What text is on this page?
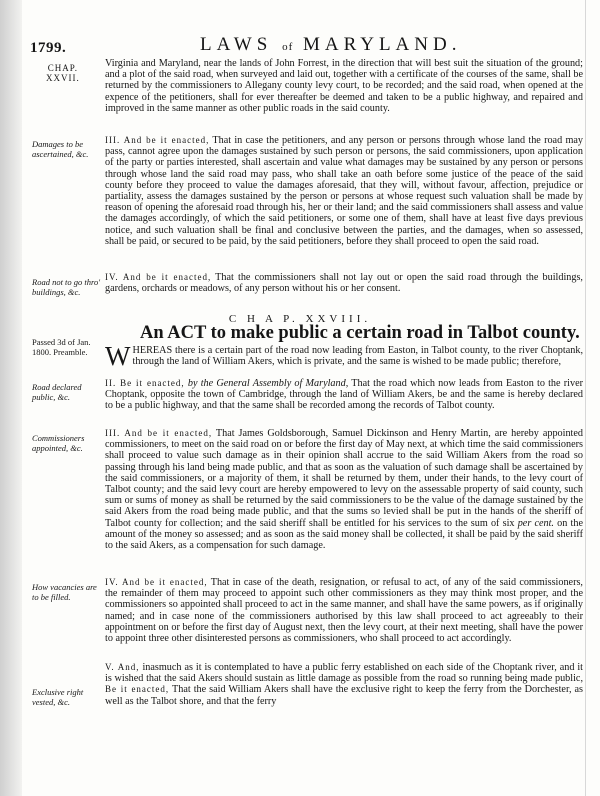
1799.	LAWS of MARYLAND.
CHAP.
XXVII.
Virginia and Maryland, near the lands of John Forrest, in the direction that will best suit the situation of the ground; and a plot of the said road, when surveyed and laid out, together with a certificate of the courses of the same, shall be returned by the commissioners to Allegany county levy court, to be recorded; and the said road, when opened at the expence of the petitioners, shall for ever thereafter be deemed and taken to be a public highway, and repaired and improved in the same manner as other public roads in the said county.
Damages to be ascertained, &c.
III. And be it enacted, That in case the petitioners, and any person or persons through whose land the road may pass, cannot agree upon the damages sustained by such person or persons, the said commissioners, upon application of the party or parties interested, shall ascertain and value what damages may be sustained by any person or persons through whose land the said road may pass, who shall take an oath before some justice of the peace of the said county before they proceed to value the damages aforesaid, that they will, without favour, affection, prejudice or partiality, assess the damages sustained by the person or persons at whose request such valuation shall be made by reason of opening the aforesaid road through his, her or their land; and the said commissioners shall assess and value the damages accordingly, of which the said petitioners, or some one of them, shall have at least five days previous notice, and such valuation shall be final and conclusive between the parties, and the damages, when so assessed, shall be paid, or secured to be paid, by the said petitioners, before they shall proceed to open the said road.
Road not to go thro' buildings, &c.
IV. And be it enacted, That the commissioners shall not lay out or open the said road through the buildings, gardens, orchards or meadows, of any person without his or her consent.
C H A P. XXVIII.
An ACT to make public a certain road in Talbot county.
Passed 3d of Jan. 1800. Preamble. W HEREAS there is a certain part of the road now leading from Easton, in Talbot county, to the river Choptank, through the land of William Akers, which is private, and the same is wished to be made public; therefore,
Road declared public, &c.
II. Be it enacted, by the General Assembly of Maryland, That the road which now leads from Easton to the river Choptank, opposite the town of Cambridge, through the land of William Akers, be and the same is hereby declared to be a public highway, and that the same shall be recorded among the records of Talbot county.
Commissioners appointed, &c.
III. And be it enacted, That James Goldsborough, Samuel Dickinson and Henry Martin, are hereby appointed commissioners, to meet on the said road on or before the first day of May next, at which time the said commissioners shall proceed to value such damage as in their opinion shall accrue to the said William Akers from the road so passing through his land being made public, and that as soon as the valuation of such damage shall be ascertained by the said commissioners, or a majority of them, it shall be returned by them, under their hands, to the levy court of Talbot county; and the said levy court are hereby empowered to levy on the assessable property of said county, such sum or sums of money as shall be returned by the said commissioners to be the value of the damage sustained by the said Akers from the road being made public, and that the sums so levied shall be put in the hands of the sheriff of Talbot county for collection; and the said sheriff shall be entitled for his services to the sum of six per cent. on the amount of the money so assessed; and as soon as the said money shall be collected, it shall be paid by the said sheriff to the said Akers, as a compensation for such damage.
How vacancies are to be filled.
IV. And be it enacted, That in case of the death, resignation, or refusal to act, of any of the said commissioners, the remainder of them may proceed to appoint such other commissioners as they may think most proper, and the commissioners so appointed shall proceed to act in the same manner, and shall have the same powers, as if originally named; and in case none of the commissioners authorised by this law shall proceed to act agreeably to their appointment on or before the first day of August next, then the levy court, at their next meeting, shall have the power to appoint three other disinterested persons as commissioners, who shall proceed to act accordingly.
Exclusive right vested, &c.
V. And, inasmuch as it is contemplated to have a public ferry established on each side of the Choptank river, and it is wished that the said Akers should sustain as little damage as possible from the road so running being made public, Be it enacted, That the said William Akers shall have the exclusive right to keep the ferry from the Dorchester, as well as the Talbot shore, and that the ferry
